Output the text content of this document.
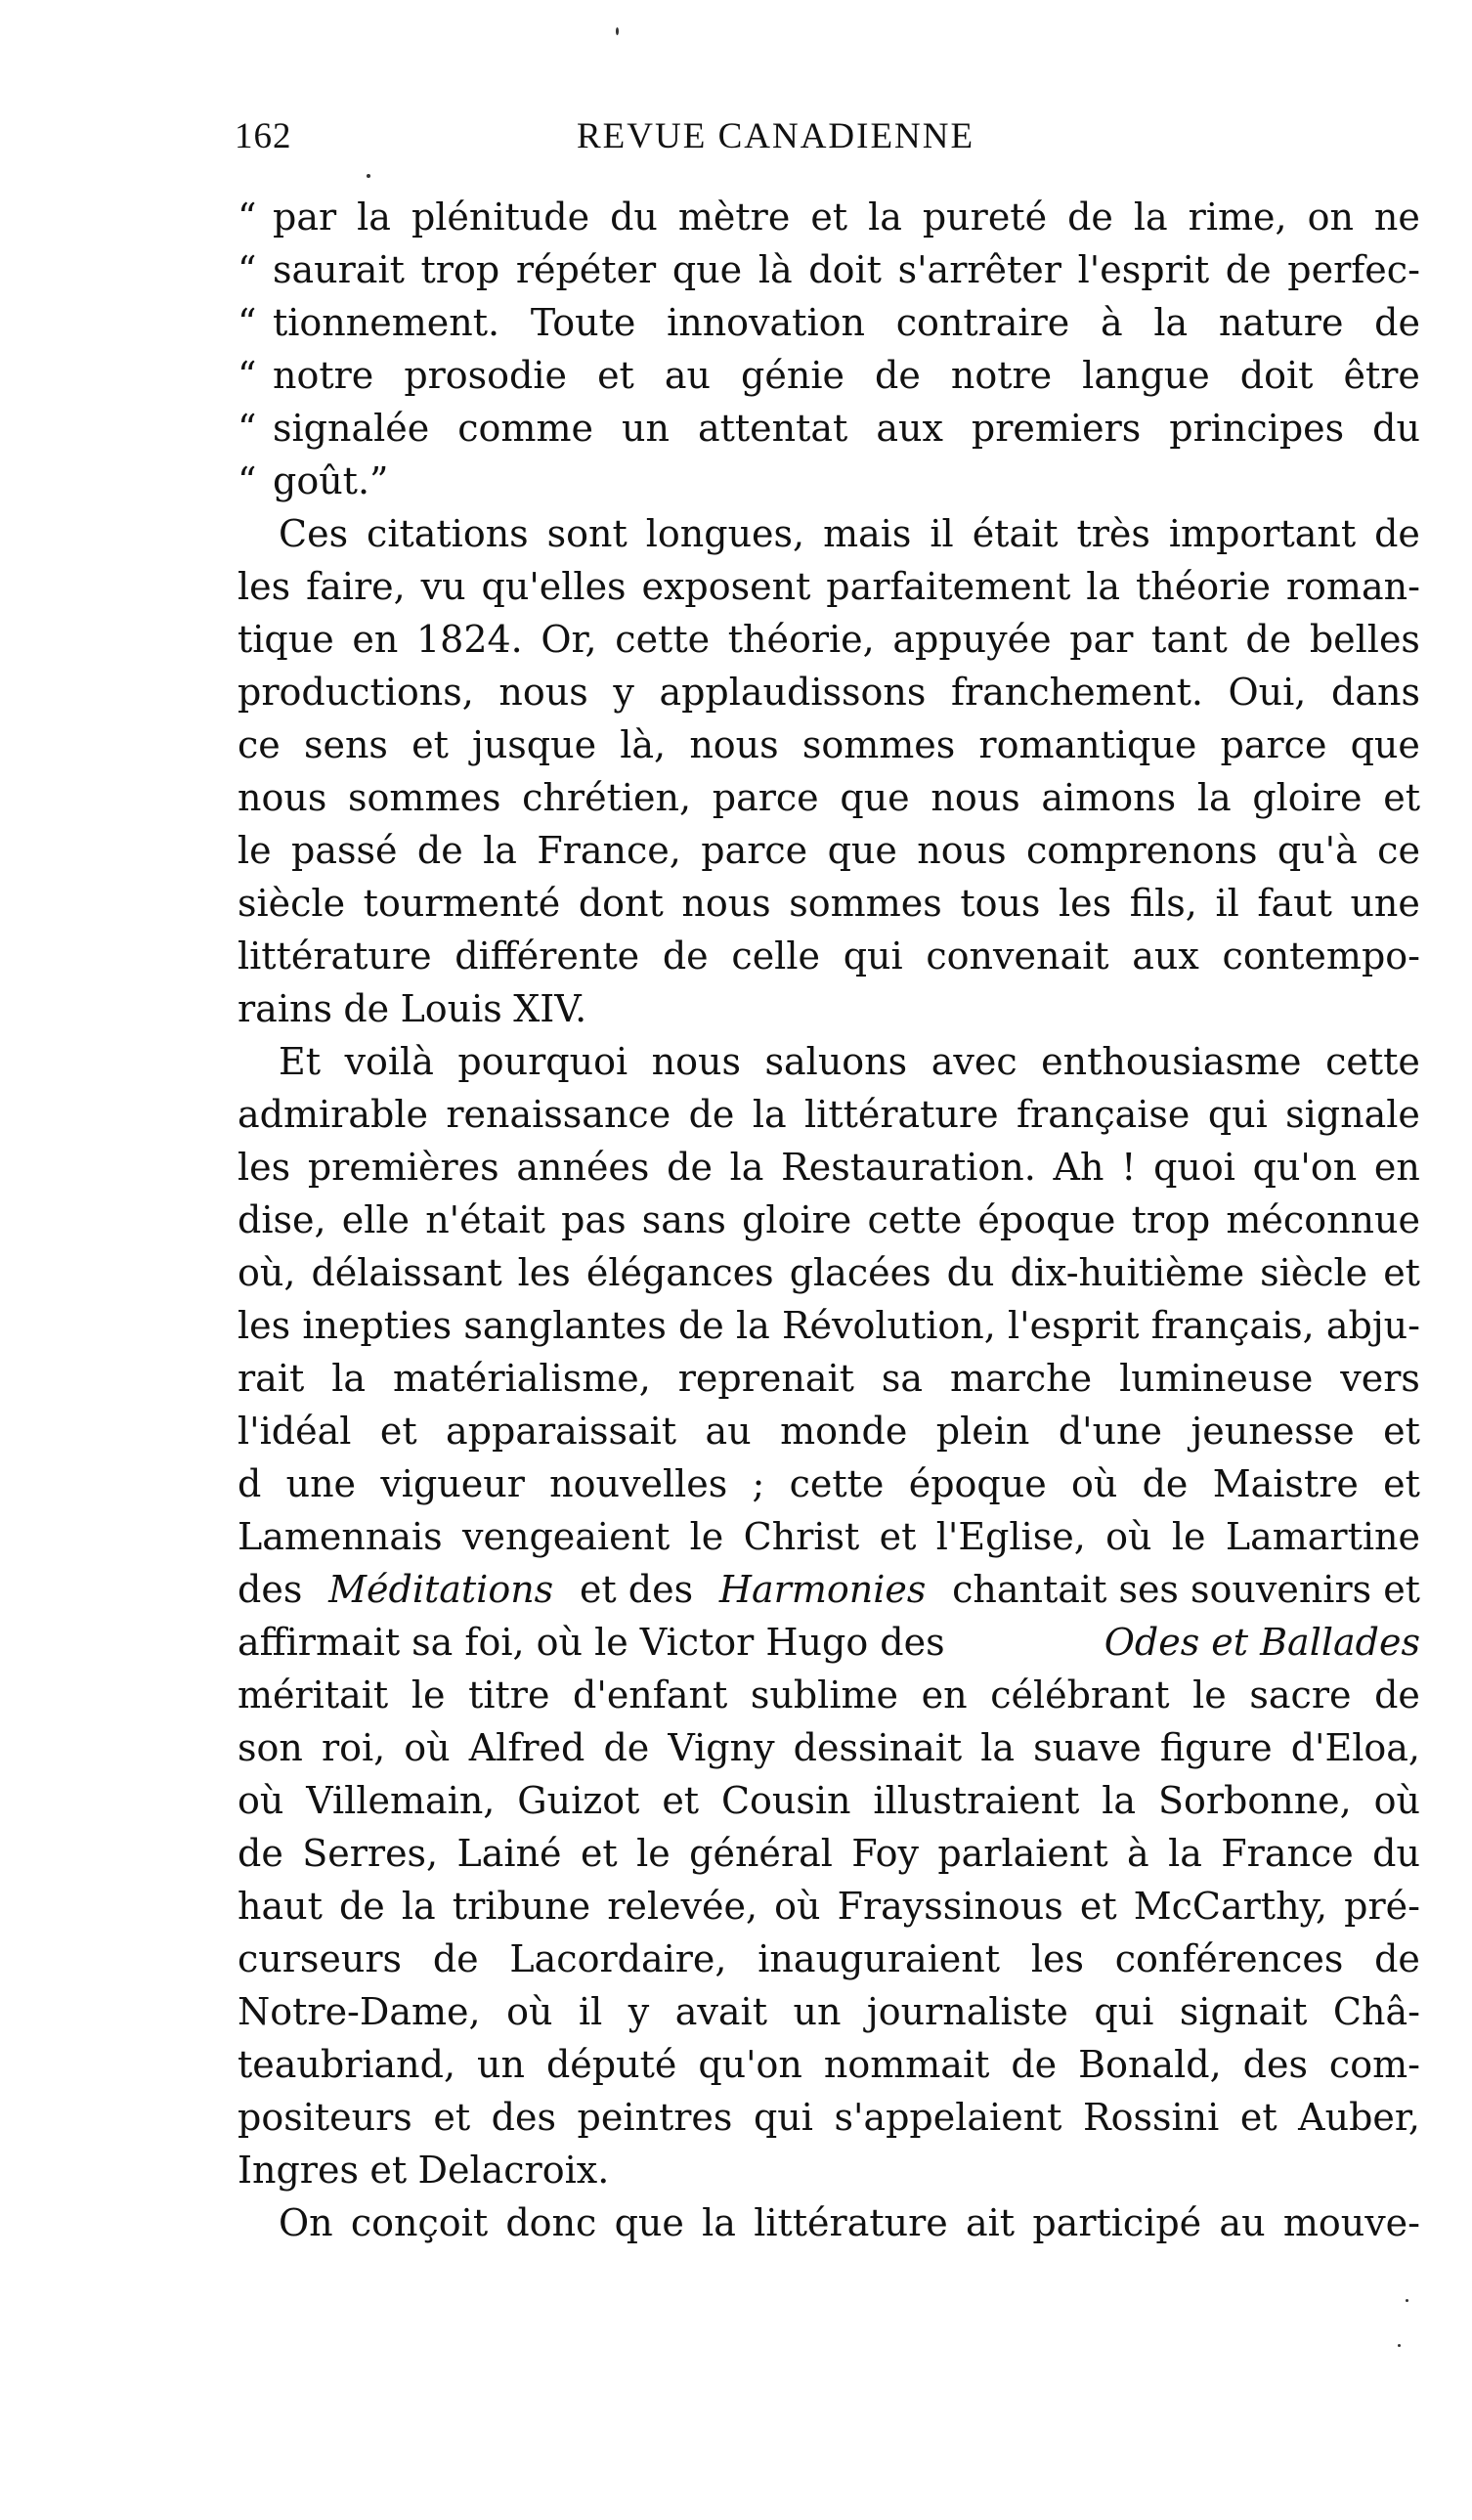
162	REVUE CANADIENNE
“ par la plénitude du mètre et la pureté de la rime, on ne
“ saurait trop répéter que là doit s'arrêter l'esprit de perfec-
“ tionnement. Toute innovation contraire à la nature de
“ notre prosodie et au génie de notre langue doit être
“ signalée comme un attentat aux premiers principes du
“ goût.”
Ces citations sont longues, mais il était très important de
les faire, vu qu'elles exposent parfaitement la théorie roman-
tique en 1824. Or, cette théorie, appuyée par tant de belles
productions, nous y applaudissons franchement. Oui, dans
ce sens et jusque là, nous sommes romantique parce que
nous sommes chrétien, parce que nous aimons la gloire et
le passé de la France, parce que nous comprenons qu'à ce
siècle tourmenté dont nous sommes tous les fils, il faut une
littérature différente de celle qui convenait aux contempo-
rains de Louis XIV.
Et voilà pourquoi nous saluons avec enthousiasme cette
admirable renaissance de la littérature française qui signale
les premières années de la Restauration. Ah ! quoi qu'on en
dise, elle n'était pas sans gloire cette époque trop méconnue
où, délaissant les élégances glacées du dix-huitième siècle et
les inepties sanglantes de la Révolution, l'esprit français, abju-
rait la matérialisme, reprenait sa marche lumineuse vers
l'idéal et apparaissait au monde plein d'une jeunesse et
d une vigueur nouvelles ; cette époque où de Maistre et
Lamennais vengeaient le Christ et l'Eglise, où le Lamartine
des Méditations et des Harmonies chantait ses souvenirs et
affirmait sa foi, où le Victor Hugo des	Odes et Ballades
méritait le titre d'enfant sublime en célébrant le sacre de
son roi, où Alfred de Vigny dessinait la suave figure d'Eloa,
où Villemain, Guizot et Cousin illustraient la Sorbonne, où
de Serres, Lainé et le général Foy parlaient à la France du
haut de la tribune relevée, où Frayssinous et McCarthy, pré-
curseurs de Lacordaire, inauguraient les conférences de
Notre-Dame, où il y avait un journaliste qui signait Châ-
teaubriand, un député qu'on nommait de Bonald, des com-
positeurs et des peintres qui s'appelaient Rossini et Auber,
Ingres et Delacroix.
On conçoit donc que la littérature ait participé au mouve-
